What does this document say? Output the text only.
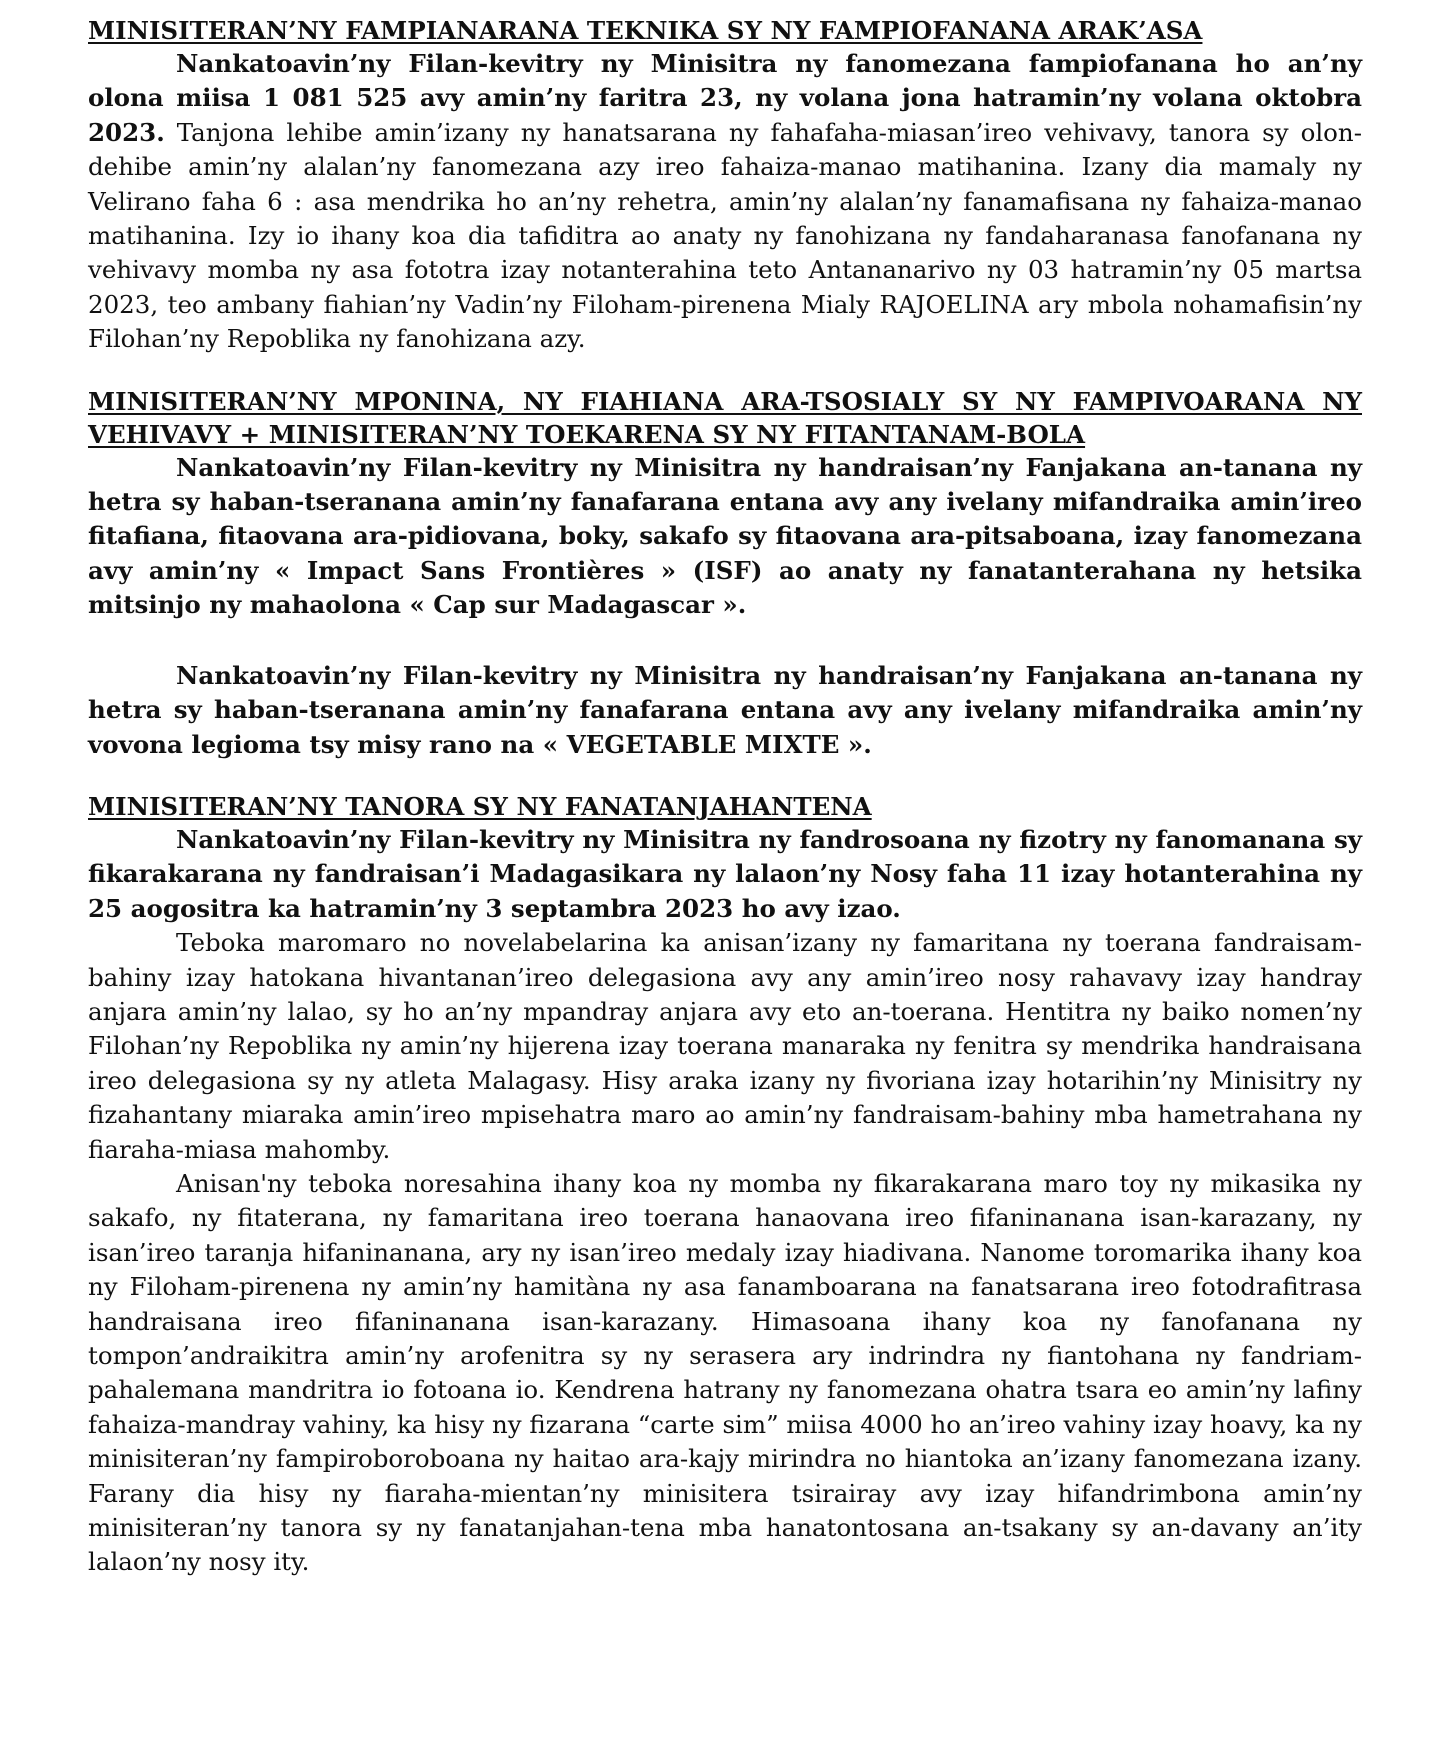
MINISITERAN’NY FAMPIANARANA TEKNIKA SY NY FAMPIOFANANA ARAK’ASA

Nankatoavin’ny Filan-kevitry ny Minisitra ny fanomezana fampiofanana ho an’ny olona miisa 1 081 525 avy amin’ny faritra 23, ny volana jona hatramin’ny volana oktobra 2023. Tanjona lehibe amin’izany ny hanatsarana ny fahafaha-miasan’ireo vehivavy, tanora sy olon-dehibe amin’ny alalan’ny fanomezana azy ireo fahaiza-manao matihanina. Izany dia mamaly ny Velirano faha 6 : asa mendrika ho an’ny rehetra, amin’ny alalan’ny fanamafisana ny fahaiza-manao matihanina. Izy io ihany koa dia tafiditra ao anaty ny fanohizana ny fandaharanasa fanofanana ny vehivavy momba ny asa fototra izay notanterahina teto Antananarivo ny 03 hatramin’ny 05 martsa 2023, teo ambany fiahian’ny Vadin’ny Filoham-pirenena Mialy RAJOELINA ary mbola nohamafisin’ny Filohan’ny Repoblika ny fanohizana azy.

MINISITERAN’NY MPONINA, NY FIAHIANA ARA-TSOSIALY SY NY FAMPIVOARANA NY VEHIVAVY + MINISITERAN’NY TOEKARENA SY NY FITANTANAM-BOLA

Nankatoavin’ny Filan-kevitry ny Minisitra ny handraisan’ny Fanjakana an-tanana ny hetra sy haban-tseranana amin’ny fanafarana entana avy any ivelany mifandraika amin’ireo fitafiana, fitaovana ara-pidiovana, boky, sakafo sy fitaovana ara-pitsaboana, izay fanomezana avy amin’ny « Impact Sans Frontières » (ISF) ao anaty ny fanatanterahana ny hetsika mitsinjo ny mahaolona « Cap sur Madagascar ».

Nankatoavin’ny Filan-kevitry ny Minisitra ny handraisan’ny Fanjakana an-tanana ny hetra sy haban-tseranana amin’ny fanafarana entana avy any ivelany mifandraika amin’ny vovona legioma tsy misy rano na « VEGETABLE MIXTE ».

MINISITERAN’NY TANORA SY NY FANATANJAHANTENA

Nankatoavin’ny Filan-kevitry ny Minisitra ny fandrosoana ny fizotry ny fanomanana sy fikarakarana ny fandraisan’i Madagasikara ny lalaon’ny Nosy faha 11 izay hotanterahina ny 25 aogositra ka hatramin’ny 3 septambra 2023 ho avy izao.

Teboka maromaro no novelabelarina ka anisan’izany ny famaritana ny toerana fandraisam-bahiny izay hatokana hivantanan’ireo delegasiona avy any amin’ireo nosy rahavavy izay handray anjara amin’ny lalao, sy ho an’ny mpandray anjara avy eto an-toerana. Hentitra ny baiko nomen’ny Filohan’ny Repoblika ny amin’ny hijerena izay toerana manaraka ny fenitra sy mendrika handraisana ireo delegasiona sy ny atleta Malagasy. Hisy araka izany ny fivoriana izay hotarihin’ny Minisitry ny fizahantany miaraka amin’ireo mpisehatra maro ao amin’ny fandraisam-bahiny mba hametrahana ny fiaraha-miasa mahomby.

Anisan'ny teboka noresahina ihany koa ny momba ny fikarakarana maro toy ny mikasika ny sakafo, ny fitaterana, ny famaritana ireo toerana hanaovana ireo fifaninanana isan-karazany, ny isan’ireo taranja hifaninanana, ary ny isan’ireo medaly izay hiadivana. Nanome toromarika ihany koa ny Filoham-pirenena ny amin’ny hamitàna ny asa fanamboarana na fanatsarana ireo fotodrafitrasa handraisana ireo fifaninanana isan-karazany. Himasoana ihany koa ny fanofanana ny tompon’andraikitra amin’ny arofenitra sy ny serasera ary indrindra ny fiantohana ny fandriam-pahalemana mandritra io fotoana io. Kendrena hatrany ny fanomezana ohatra tsara eo amin’ny lafiny fahaiza-mandray vahiny, ka hisy ny fizarana “carte sim” miisa 4000 ho an’ireo vahiny izay hoavy, ka ny minisiteran’ny fampiroboroboana ny haitao ara-kajy mirindra no hiantoka an’izany fanomezana izany. Farany dia hisy ny fiaraha-mientan’ny minisitera tsirairay avy izay hifandrimbona amin’ny minisiteran’ny tanora sy ny fanatanjahan-tena mba hanatontosana an-tsakany sy an-davany an’ity lalaon’ny nosy ity.
